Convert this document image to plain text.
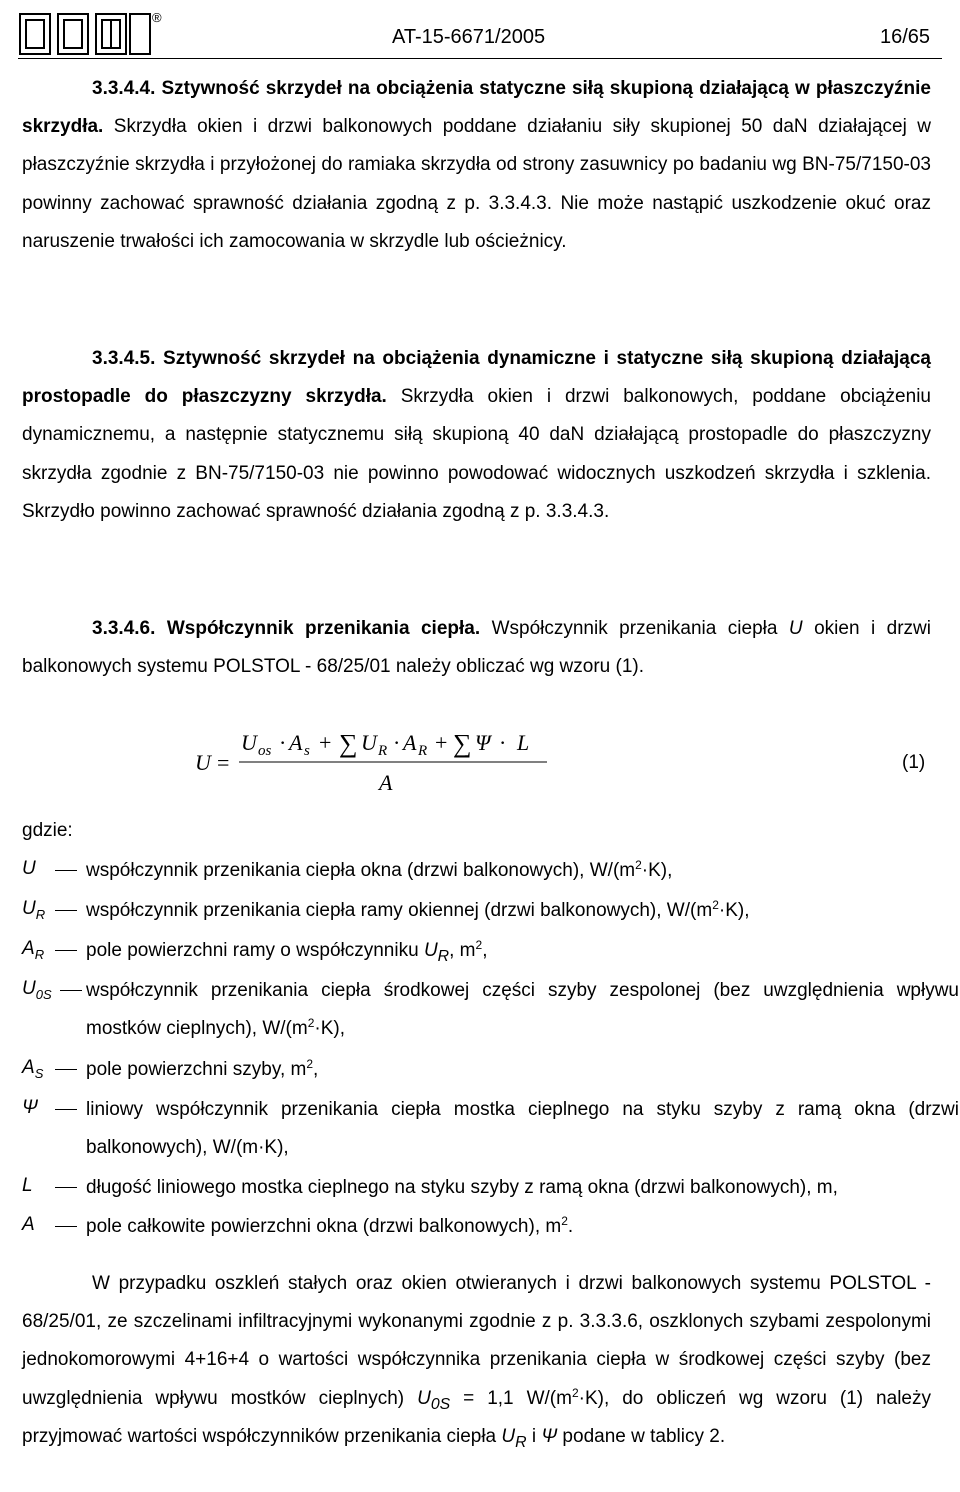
®
AT-15-6671/2005	16/65

3.3.4.4. Sztywność skrzydeł na obciążenia statyczne siłą skupioną działającą w płaszczyźnie skrzydła. Skrzydła okien i drzwi balkonowych poddane działaniu siły skupionej 50 daN działającej w płaszczyźnie skrzydła i przyłożonej do ramiaka skrzydła od strony zasuwnicy po badaniu wg BN-75/7150-03 powinny zachować sprawność działania zgodną z p. 3.3.4.3. Nie może nastąpić uszkodzenie okuć oraz naruszenie trwałości ich zamocowania w skrzydle lub ościeżnicy.

3.3.4.5. Sztywność skrzydeł na obciążenia dynamiczne i statyczne siłą skupioną działającą prostopadle do płaszczyzny skrzydła. Skrzydła okien i drzwi balkonowych, poddane obciążeniu dynamicznemu, a następnie statycznemu siłą skupioną 40 daN działającą prostopadle do płaszczyzny skrzydła zgodnie z BN-75/7150-03 nie powinno powodować widocznych uszkodzeń skrzydła i szklenia. Skrzydło powinno zachować sprawność działania zgodną z p. 3.3.4.3.

3.3.4.6. Współczynnik przenikania ciepła. Współczynnik przenikania ciepła U okien i drzwi balkonowych systemu POLSTOL - 68/25/01 należy obliczać wg wzoru (1).

U =
U os · A s + ∑ U R · A R + ∑ Ψ · L
A
(1)
gdzie:
U	współczynnik przenikania ciepła okna (drzwi balkonowych), $W/(m^2\cdot K)$,
$U_R$	współczynnik przenikania ciepła ramy okiennej (drzwi balkonowych), $W/(m^2\cdot K)$,
$A_R$	pole powierzchni ramy o współczynniku $U_R$, $m^2$,
$U_{0S}$	współczynnik przenikania ciepła środkowej części szyby zespolonej (bez uwzględnienia wpływu mostków cieplnych), $W/(m^2\cdot K)$,
$A_S$	pole powierzchni szyby, $m^2$,
Ψ	liniowy współczynnik przenikania ciepła mostka cieplnego na styku szyby z ramą okna (drzwi balkonowych), W/(m·K),
L	długość liniowego mostka cieplnego na styku szyby z ramą okna (drzwi balkonowych), m,
A	pole całkowite powierzchni okna (drzwi balkonowych), $m^2$.

W przypadku oszkleń stałych oraz okien otwieranych i drzwi balkonowych systemu POLSTOL - 68/25/01, ze szczelinami infiltracyjnymi wykonanymi zgodnie z p. 3.3.3.6, oszklonych szybami zespolonymi jednokomorowymi 4+16+4 o wartości współczynnika przenikania ciepła w środkowej części szyby (bez uwzględnienia wpływu mostków cieplnych) $U_{0S} = 1,1$ $W/(m^2\cdot K)$, do obliczeń wg wzoru (1) należy przyjmować wartości współczynników przenikania ciepła $U_R$ i Ψ podane w tablicy 2.
